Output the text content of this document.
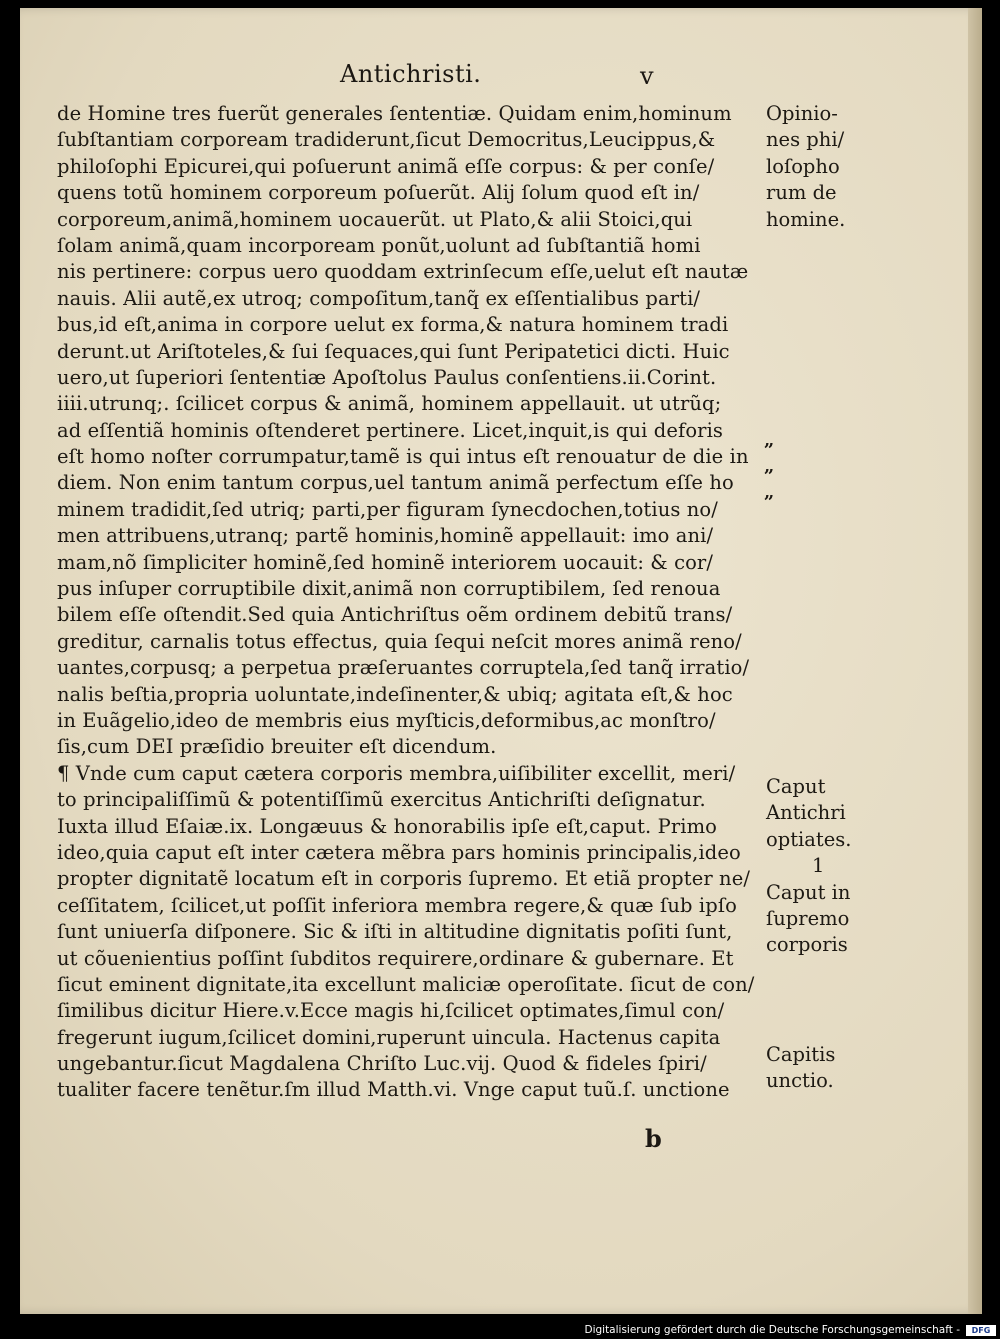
Antichristi.	v
de Homine tres fuerũt generales ſententiæ. Quidam enim,hominum
ſubſtantiam corpoream tradiderunt,ſicut Democritus,Leucippus,&
philoſophi Epicurei,qui poſuerunt animã eſſe corpus: & per conſe/
quens totũ hominem corporeum poſuerũt. Alij ſolum quod eſt in/
corporeum,animã,hominem uocauerũt. ut Plato,& alii Stoici,qui
ſolam animã,quam incorpoream ponũt,uolunt ad ſubſtantiã homi
nis pertinere: corpus uero quoddam extrinſecum eſſe,uelut eſt nautæ
nauis. Alii autẽ,ex utroq; compoſitum,tanq̃ ex eſſentialibus parti/
bus,id eſt,anima in corpore uelut ex forma,& natura hominem tradi
derunt.ut Ariſtoteles,& ſui ſequaces,qui ſunt Peripatetici dicti. Huic
uero,ut ſuperiori ſententiæ Apoſtolus Paulus conſentiens.ii.Corint.
iiii.utrunq;. ſcilicet corpus & animã, hominem appellauit. ut utrũq;
ad eſſentiã hominis oſtenderet pertinere. Licet,inquit,is qui deforis
eſt homo noſter corrumpatur,tamẽ is qui intus eſt renouatur de die in
diem. Non enim tantum corpus,uel tantum animã perfectum eſſe ho
minem tradidit,ſed utriq; parti,per figuram ſynecdochen,totius no/
men attribuens,utranq; partẽ hominis,hominẽ appellauit: imo ani/
mam,nõ ſimpliciter hominẽ,ſed hominẽ interiorem uocauit: & cor/
pus inſuper corruptibile dixit,animã non corruptibilem, ſed renoua
bilem eſſe oſtendit.Sed quia Antichriſtus oẽm ordinem debitũ trans/
greditur, carnalis totus effectus, quia ſequi neſcit mores animã reno/
uantes,corpusq; a perpetua præſeruantes corruptela,ſed tanq̃ irratio/
nalis beſtia,propria uoluntate,indeſinenter,& ubiq; agitata eſt,& hoc
in Euãgelio,ideo de membris eius myſticis,deformibus,ac monſtro/
ſis,cum DEI præſidio breuiter eſt dicendum.
¶ Vnde cum caput cætera corporis membra,uiſibiliter excellit, meri/
to principaliſſimũ & potentiſſimũ exercitus Antichriſti deſignatur.
Iuxta illud Eſaiæ.ix. Longæuus & honorabilis ipſe eſt,caput. Primo
ideo,quia caput eſt inter cætera mẽbra pars hominis principalis,ideo
propter dignitatẽ locatum eſt in corporis ſupremo. Et etiã propter ne/
ceſſitatem, ſcilicet,ut poſſit inferiora membra regere,& quæ ſub ipſo
ſunt uniuerſa diſponere. Sic & iſti in altitudine dignitatis poſiti ſunt,
ut cõuenientius poſſint ſubditos requirere,ordinare & gubernare. Et
ſicut eminent dignitate,ita excellunt maliciæ operoſitate. ſicut de con/
ſimilibus dicitur Hiere.v.Ecce magis hi,ſcilicet optimates,ſimul con/
fregerunt iugum,ſcilicet domini,ruperunt uincula. Hactenus capita
ungebantur.ſicut Magdalena Chriſto Luc.vij. Quod & fideles ſpiri/
tualiter facere tenẽtur.ſm illud Matth.vi. Vnge caput tuũ.ſ. unctione
Opinio-
nes phi/
loſopho
rum de
homine.
„
„
„
Caput
Antichri
optiates.
1
Caput in
ſupremo
corporis
Capitis
unctio.
b
Digitalisierung gefördert durch die Deutsche Forschungsgemeinschaft -	DFG
